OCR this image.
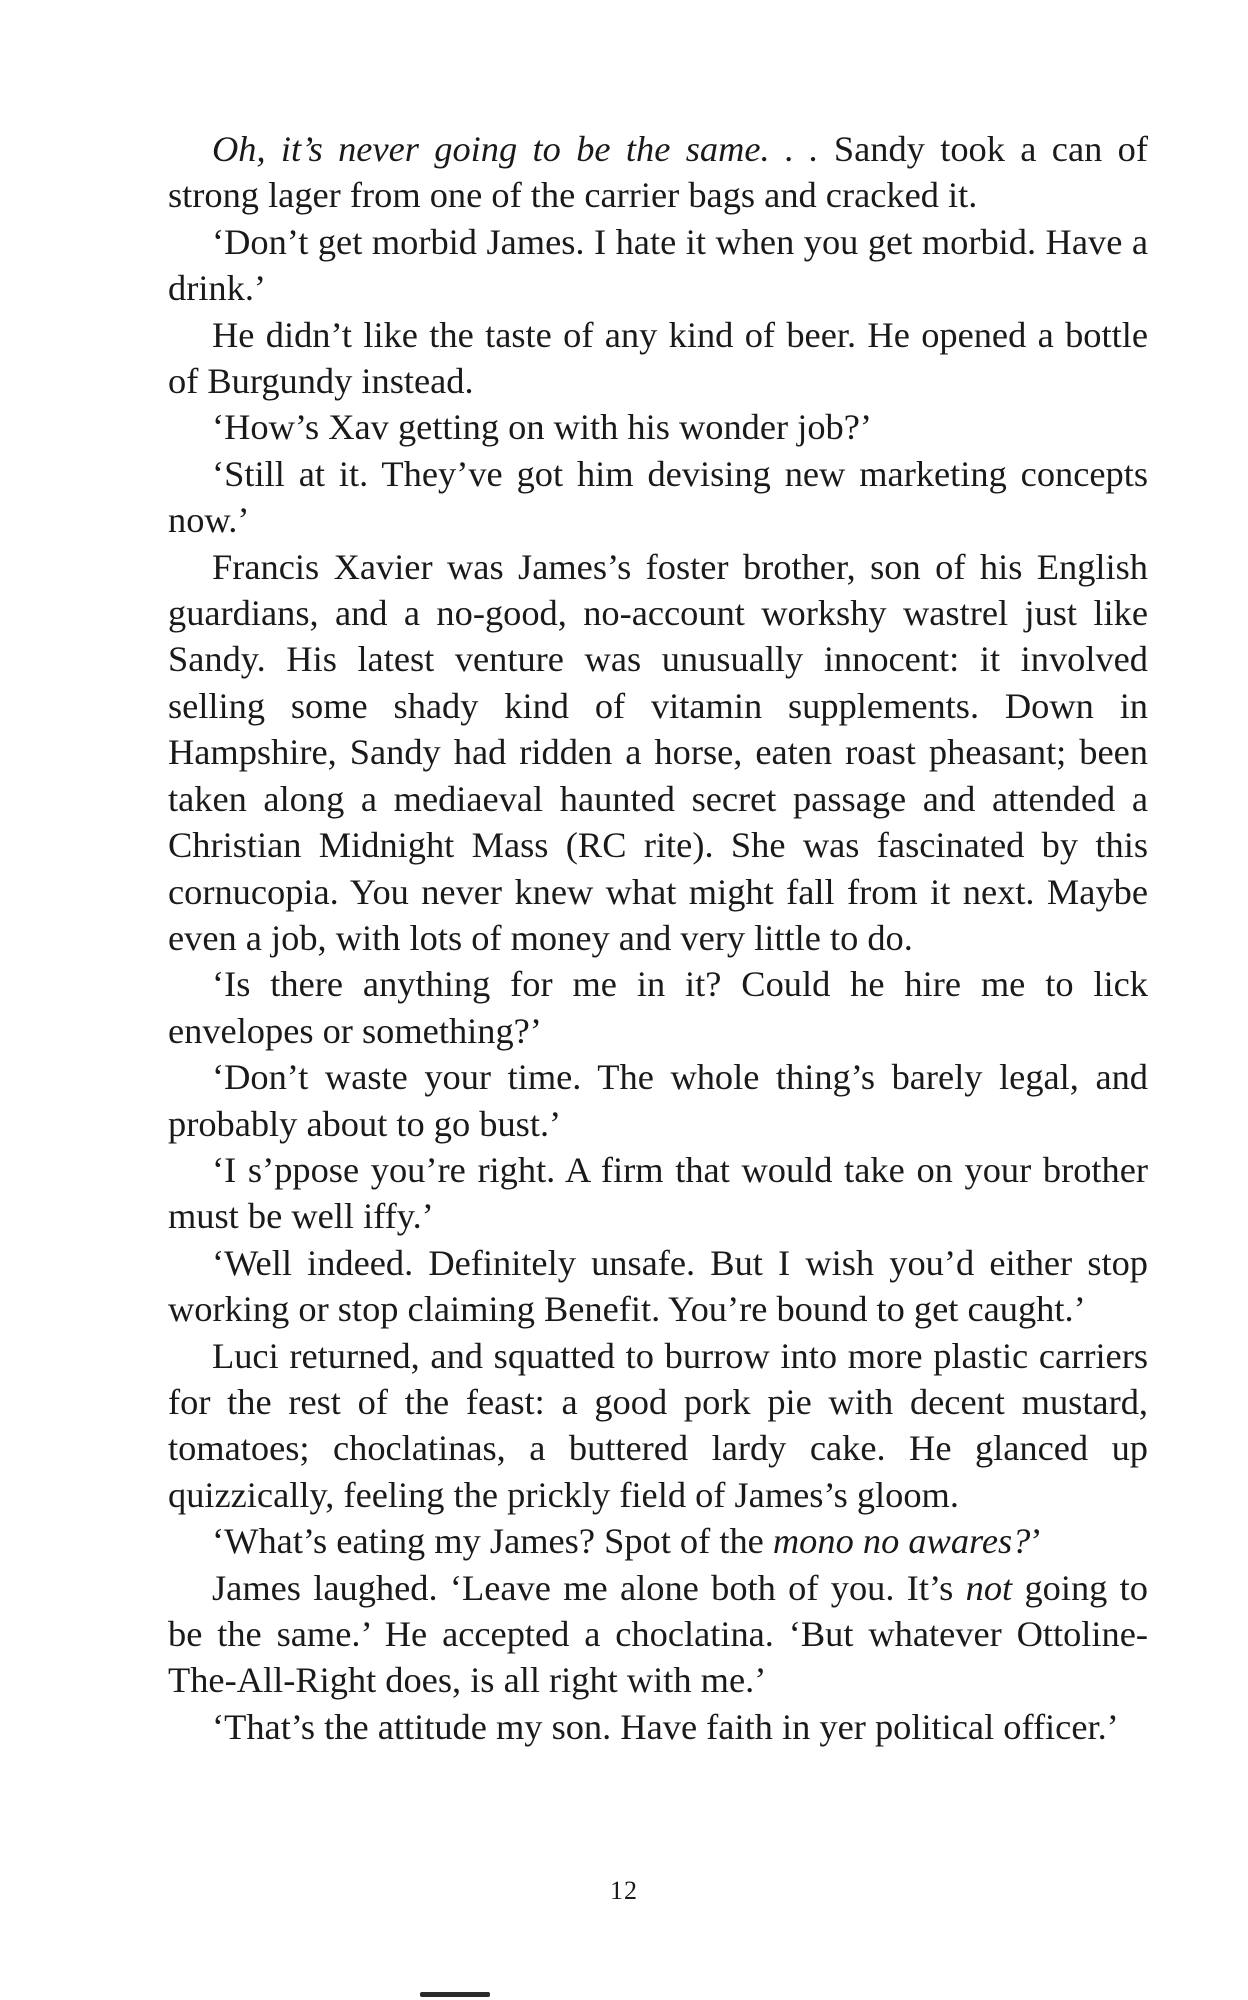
Oh, it’s never going to be the same. . . Sandy took a can of strong lager from one of the carrier bags and cracked it.

‘Don’t get morbid James. I hate it when you get morbid. Have a drink.’

He didn’t like the taste of any kind of beer. He opened a bottle of Burgundy instead.

‘How’s Xav getting on with his wonder job?’

‘Still at it. They’ve got him devising new marketing concepts now.’

Francis Xavier was James’s foster brother, son of his English guardians, and a no-good, no-account workshy wastrel just like Sandy. His latest venture was unusually innocent: it involved selling some shady kind of vitamin supplements. Down in Hampshire, Sandy had ridden a horse, eaten roast pheasant; been taken along a mediaeval haunted secret passage and attended a Christian Midnight Mass (RC rite). She was fascinated by this cornucopia. You never knew what might fall from it next. Maybe even a job, with lots of money and very little to do.

‘Is there anything for me in it? Could he hire me to lick envelopes or something?’

‘Don’t waste your time. The whole thing’s barely legal, and probably about to go bust.’

‘I s’ppose you’re right. A firm that would take on your brother must be well iffy.’

‘Well indeed. Definitely unsafe. But I wish you’d either stop working or stop claiming Benefit. You’re bound to get caught.’

Luci returned, and squatted to burrow into more plastic carriers for the rest of the feast: a good pork pie with decent mustard, tomatoes; choclatinas, a buttered lardy cake. He glanced up quizzically, feeling the prickly field of James’s gloom.

‘What’s eating my James? Spot of the mono no awares?’

James laughed. ‘Leave me alone both of you. It’s not going to be the same.’ He accepted a choclatina. ‘But whatever Ottoline-The-All-Right does, is all right with me.’

‘That’s the attitude my son. Have faith in yer political officer.’

12
